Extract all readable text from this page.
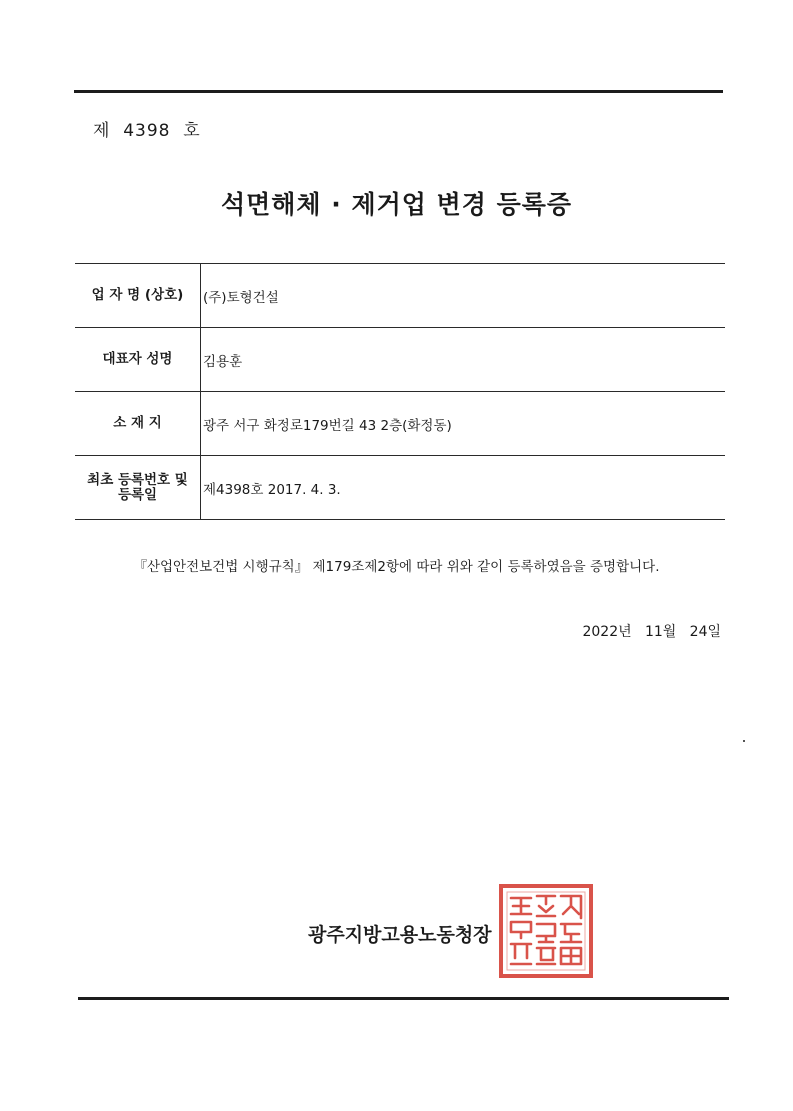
제  4398  호
석면해체 · 제거업 변경 등록증
업 자 명 (상호)	(주)토형건설
대표자 성명	김용훈
소 재 지	광주 서구 화정로179번길 43 2층(화정동)

최초 등록번호 및
등록일	제4398호 2017. 4. 3.
『산업안전보건법 시행규칙』 제179조제2항에 따라 위와 같이 등록하였음을 증명합니다.
2022년   11월   24일
광주지방고용노동청장
